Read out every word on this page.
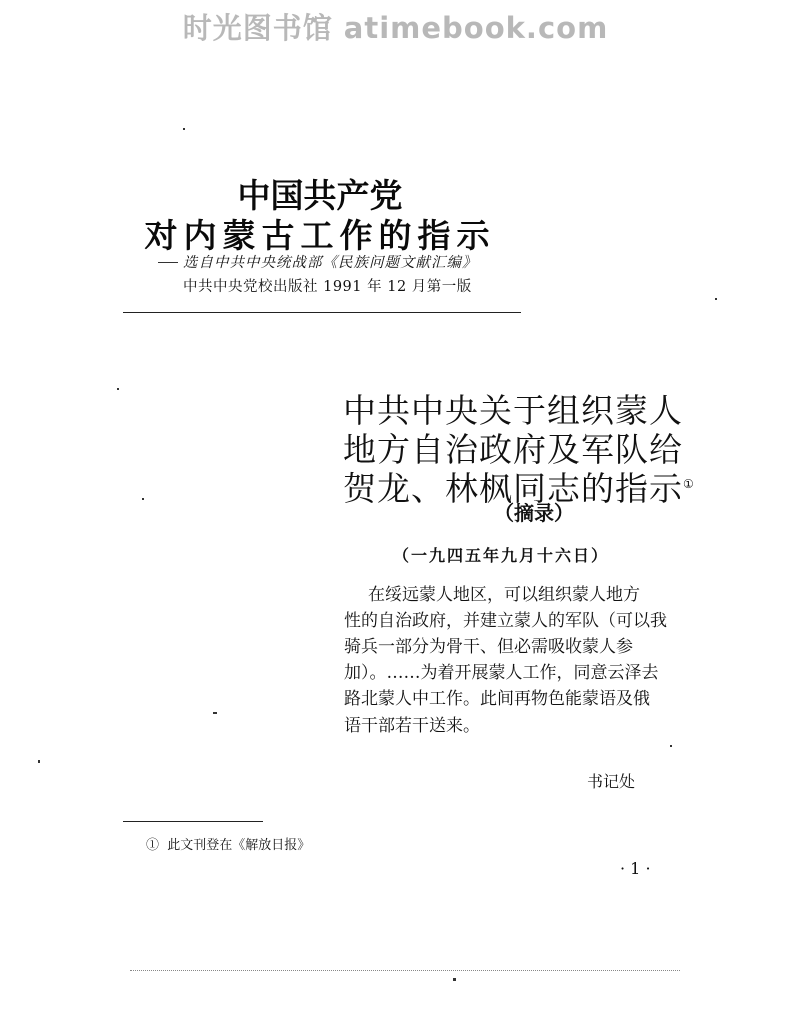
时光图书馆 atimebook.com
中国共产党
对内蒙古工作的指示
选自中共中央统战部《民族问题文献汇编》
中共中央党校出版社 1991 年 12 月第一版
中共中央关于组织蒙人
地方自治政府及军队给
贺龙、林枫同志的指示①
（摘录）
（一九四五年九月十六日）
在绥远蒙人地区，可以组织蒙人地方
性的自治政府，并建立蒙人的军队（可以我
骑兵一部分为骨干、但必需吸收蒙人参
加）。……为着开展蒙人工作，同意云泽去
路北蒙人中工作。此间再物色能蒙语及俄
语干部若干送来。
书记处
① 此文刊登在《解放日报》
· 1 ·
